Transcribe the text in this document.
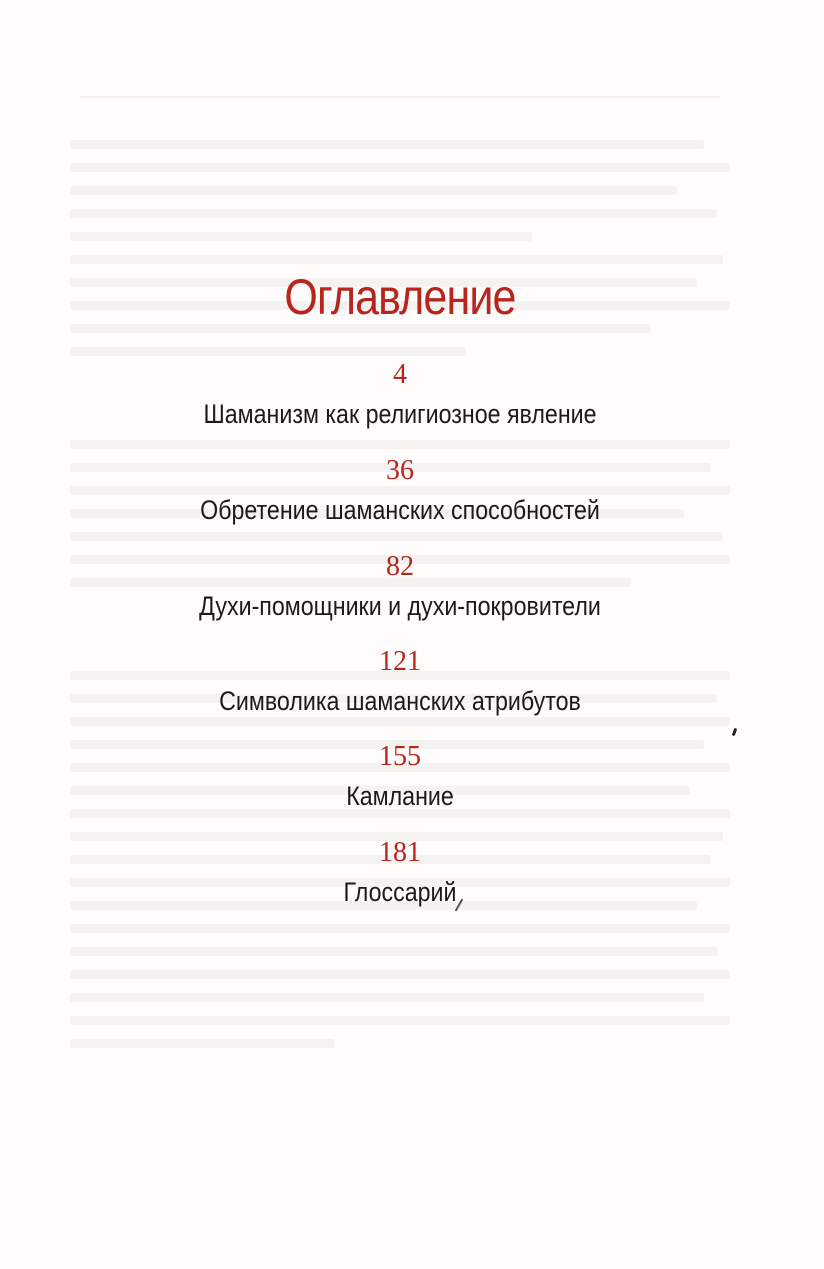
Оглавление
4
Шаманизм как религиозное явление
36
Обретение шаманских способностей
82
Духи-помощники и духи-покровители
121
Символика шаманских атрибутов
155
Камлание
181
Глоссарий
